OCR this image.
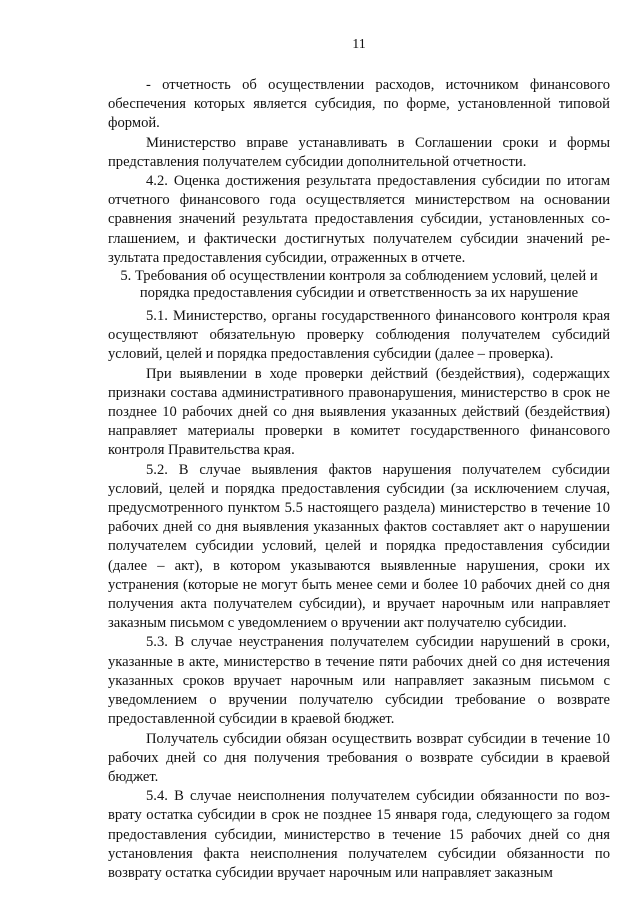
11

- отчетность об осуществлении расходов, источником финансового обеспечения которых является субсидия, по форме, установленной типовой формой.

Министерство вправе устанавливать в Соглашении сроки и формы представления получателем субсидии дополнительной отчетности.

4.2. Оценка достижения результата предоставления субсидии по итогам отчетного финансового года осуществляется министерством на основании сравнения значений результата предоставления субсидии, установленных соглашением, и фактически достигнутых получателем субсидии значений результата предоставления субсидии, отраженных в отчете.

5. Требования об осуществлении контроля за соблюдением условий, целей и порядка предоставления субсидии и ответственность за их нарушение

5.1. Министерство, органы государственного финансового контроля края осуществляют обязательную проверку соблюдения получателем субсидий условий, целей и порядка предоставления субсидии (далее – проверка).

При выявлении в ходе проверки действий (бездействия), содержащих признаки состава административного правонарушения, министерство в срок не позднее 10 рабочих дней со дня выявления указанных действий (бездействия) направляет материалы проверки в комитет государственного финансового контроля Правительства края.

5.2. В случае выявления фактов нарушения получателем субсидии условий, целей и порядка предоставления субсидии (за исключением случая, предусмотренного пунктом 5.5 настоящего раздела) министерство в течение 10 рабочих дней со дня выявления указанных фактов составляет акт о нарушении получателем субсидии условий, целей и порядка предоставления субсидии (далее – акт), в котором указываются выявленные нарушения, сроки их устранения (которые не могут быть менее семи и более 10 рабочих дней со дня получения акта получателем субсидии), и вручает нарочным или направляет заказным письмом с уведомлением о вручении акт получателю субсидии.

5.3. В случае неустранения получателем субсидии нарушений в сроки, указанные в акте, министерство в течение пяти рабочих дней со дня истечения указанных сроков вручает нарочным или направляет заказным письмом с уведомлением о вручении получателю субсидии требование о возврате предоставленной субсидии в краевой бюджет.

Получатель субсидии обязан осуществить возврат субсидии в течение 10 рабочих дней со дня получения требования о возврате субсидии в краевой бюджет.

5.4. В случае неисполнения получателем субсидии обязанности по возврату остатка субсидии в срок не позднее 15 января года, следующего за годом предоставления субсидии, министерство в течение 15 рабочих дней со дня установления факта неисполнения получателем субсидии обязанности по возврату остатка субсидии вручает нарочным или направляет заказным
